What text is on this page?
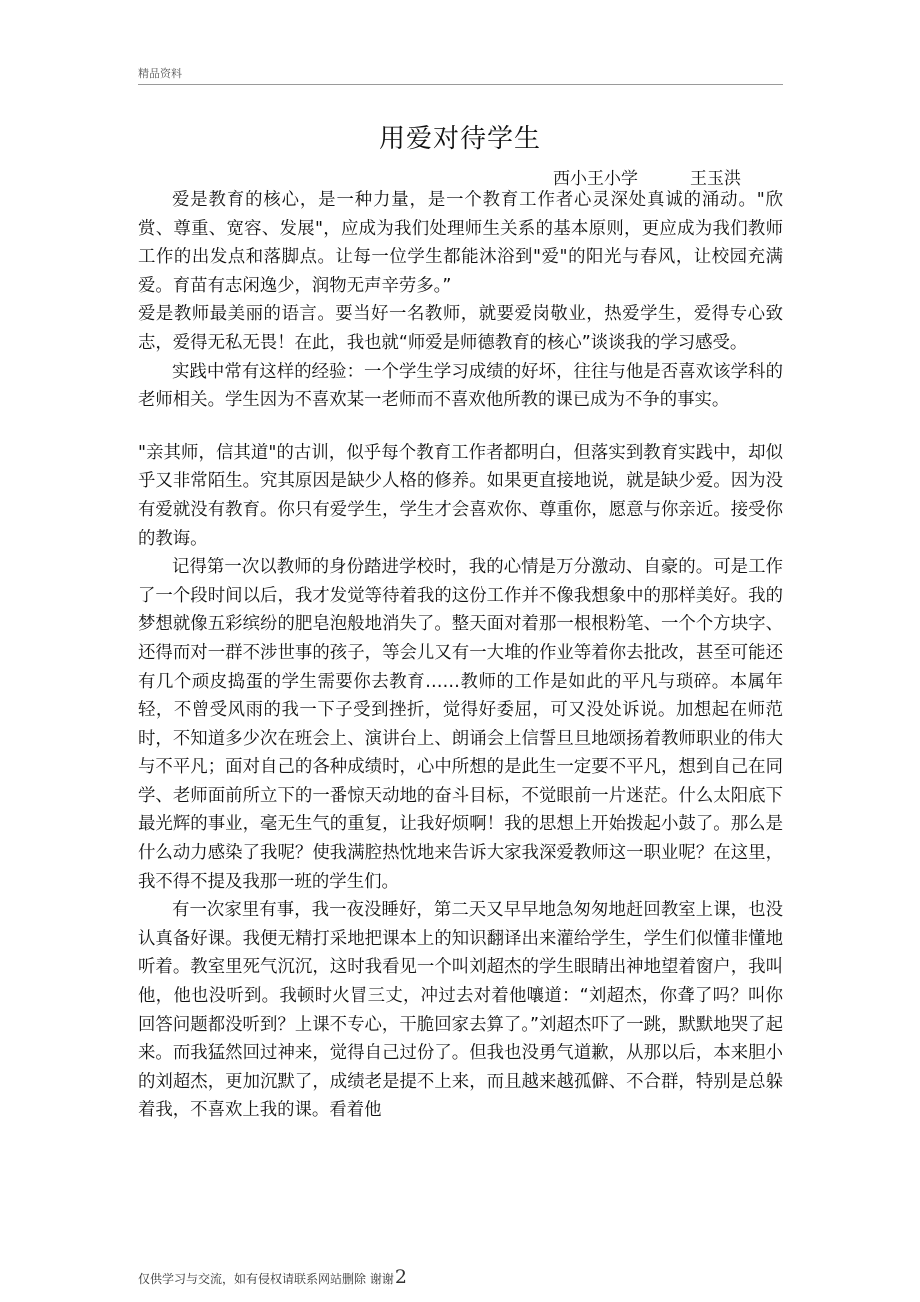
精品资料
用爱对待学生
西小王小学	王玉洪

爱是教育的核心，是一种力量，是一个教育工作者心灵深处真诚的涌动。"欣赏、尊重、宽容、发展"，应成为我们处理师生关系的基本原则，更应成为我们教师工作的出发点和落脚点。让每一位学生都能沐浴到"爱"的阳光与春风，让校园充满爱。育苗有志闲逸少，润物无声辛劳多。”

爱是教师最美丽的语言。要当好一名教师，就要爱岗敬业，热爱学生，爱得专心致志，爱得无私无畏！在此，我也就“师爱是师德教育的核心”谈谈我的学习感受。

实践中常有这样的经验：一个学生学习成绩的好坏，往往与他是否喜欢该学科的老师相关。学生因为不喜欢某一老师而不喜欢他所教的课已成为不争的事实。

"亲其师，信其道"的古训，似乎每个教育工作者都明白，但落实到教育实践中，却似乎又非常陌生。究其原因是缺少人格的修养。如果更直接地说，就是缺少爱。因为没有爱就没有教育。你只有爱学生，学生才会喜欢你、尊重你，愿意与你亲近。接受你的教诲。

记得第一次以教师的身份踏进学校时，我的心情是万分激动、自豪的。可是工作了一个段时间以后，我才发觉等待着我的这份工作并不像我想象中的那样美好。我的梦想就像五彩缤纷的肥皂泡般地消失了。整天面对着那一根根粉笔、一个个方块字、还得而对一群不涉世事的孩子，等会儿又有一大堆的作业等着你去批改，甚至可能还有几个顽皮捣蛋的学生需要你去教育……教师的工作是如此的平凡与琐碎。本属年轻，不曾受风雨的我一下子受到挫折，觉得好委屈，可又没处诉说。加想起在师范时，不知道多少次在班会上、演讲台上、朗诵会上信誓旦旦地颂扬着教师职业的伟大与不平凡；面对自己的各种成绩时，心中所想的是此生一定要不平凡，想到自己在同学、老师面前所立下的一番惊天动地的奋斗目标，不觉眼前一片迷茫。什么太阳底下最光辉的事业，毫无生气的重复，让我好烦啊！我的思想上开始拨起小鼓了。那么是什么动力感染了我呢？使我满腔热忱地来告诉大家我深爱教师这一职业呢？在这里，我不得不提及我那一班的学生们。

有一次家里有事，我一夜没睡好，第二天又早早地急匆匆地赶回教室上课，也没认真备好课。我便无精打采地把课本上的知识翻译出来灌给学生，学生们似懂非懂地听着。教室里死气沉沉，这时我看见一个叫刘超杰的学生眼睛出神地望着窗户，我叫他，他也没听到。我顿时火冒三丈，冲过去对着他嚷道：“刘超杰，你聋了吗？叫你回答问题都没听到？上课不专心，干脆回家去算了。”刘超杰吓了一跳，默默地哭了起来。而我猛然回过神来，觉得自己过份了。但我也没勇气道歉，从那以后，本来胆小的刘超杰，更加沉默了，成绩老是提不上来，而且越来越孤僻、不合群，特别是总躲着我，不喜欢上我的课。看着他

仅供学习与交流，如有侵权请联系网站删除 谢谢2
